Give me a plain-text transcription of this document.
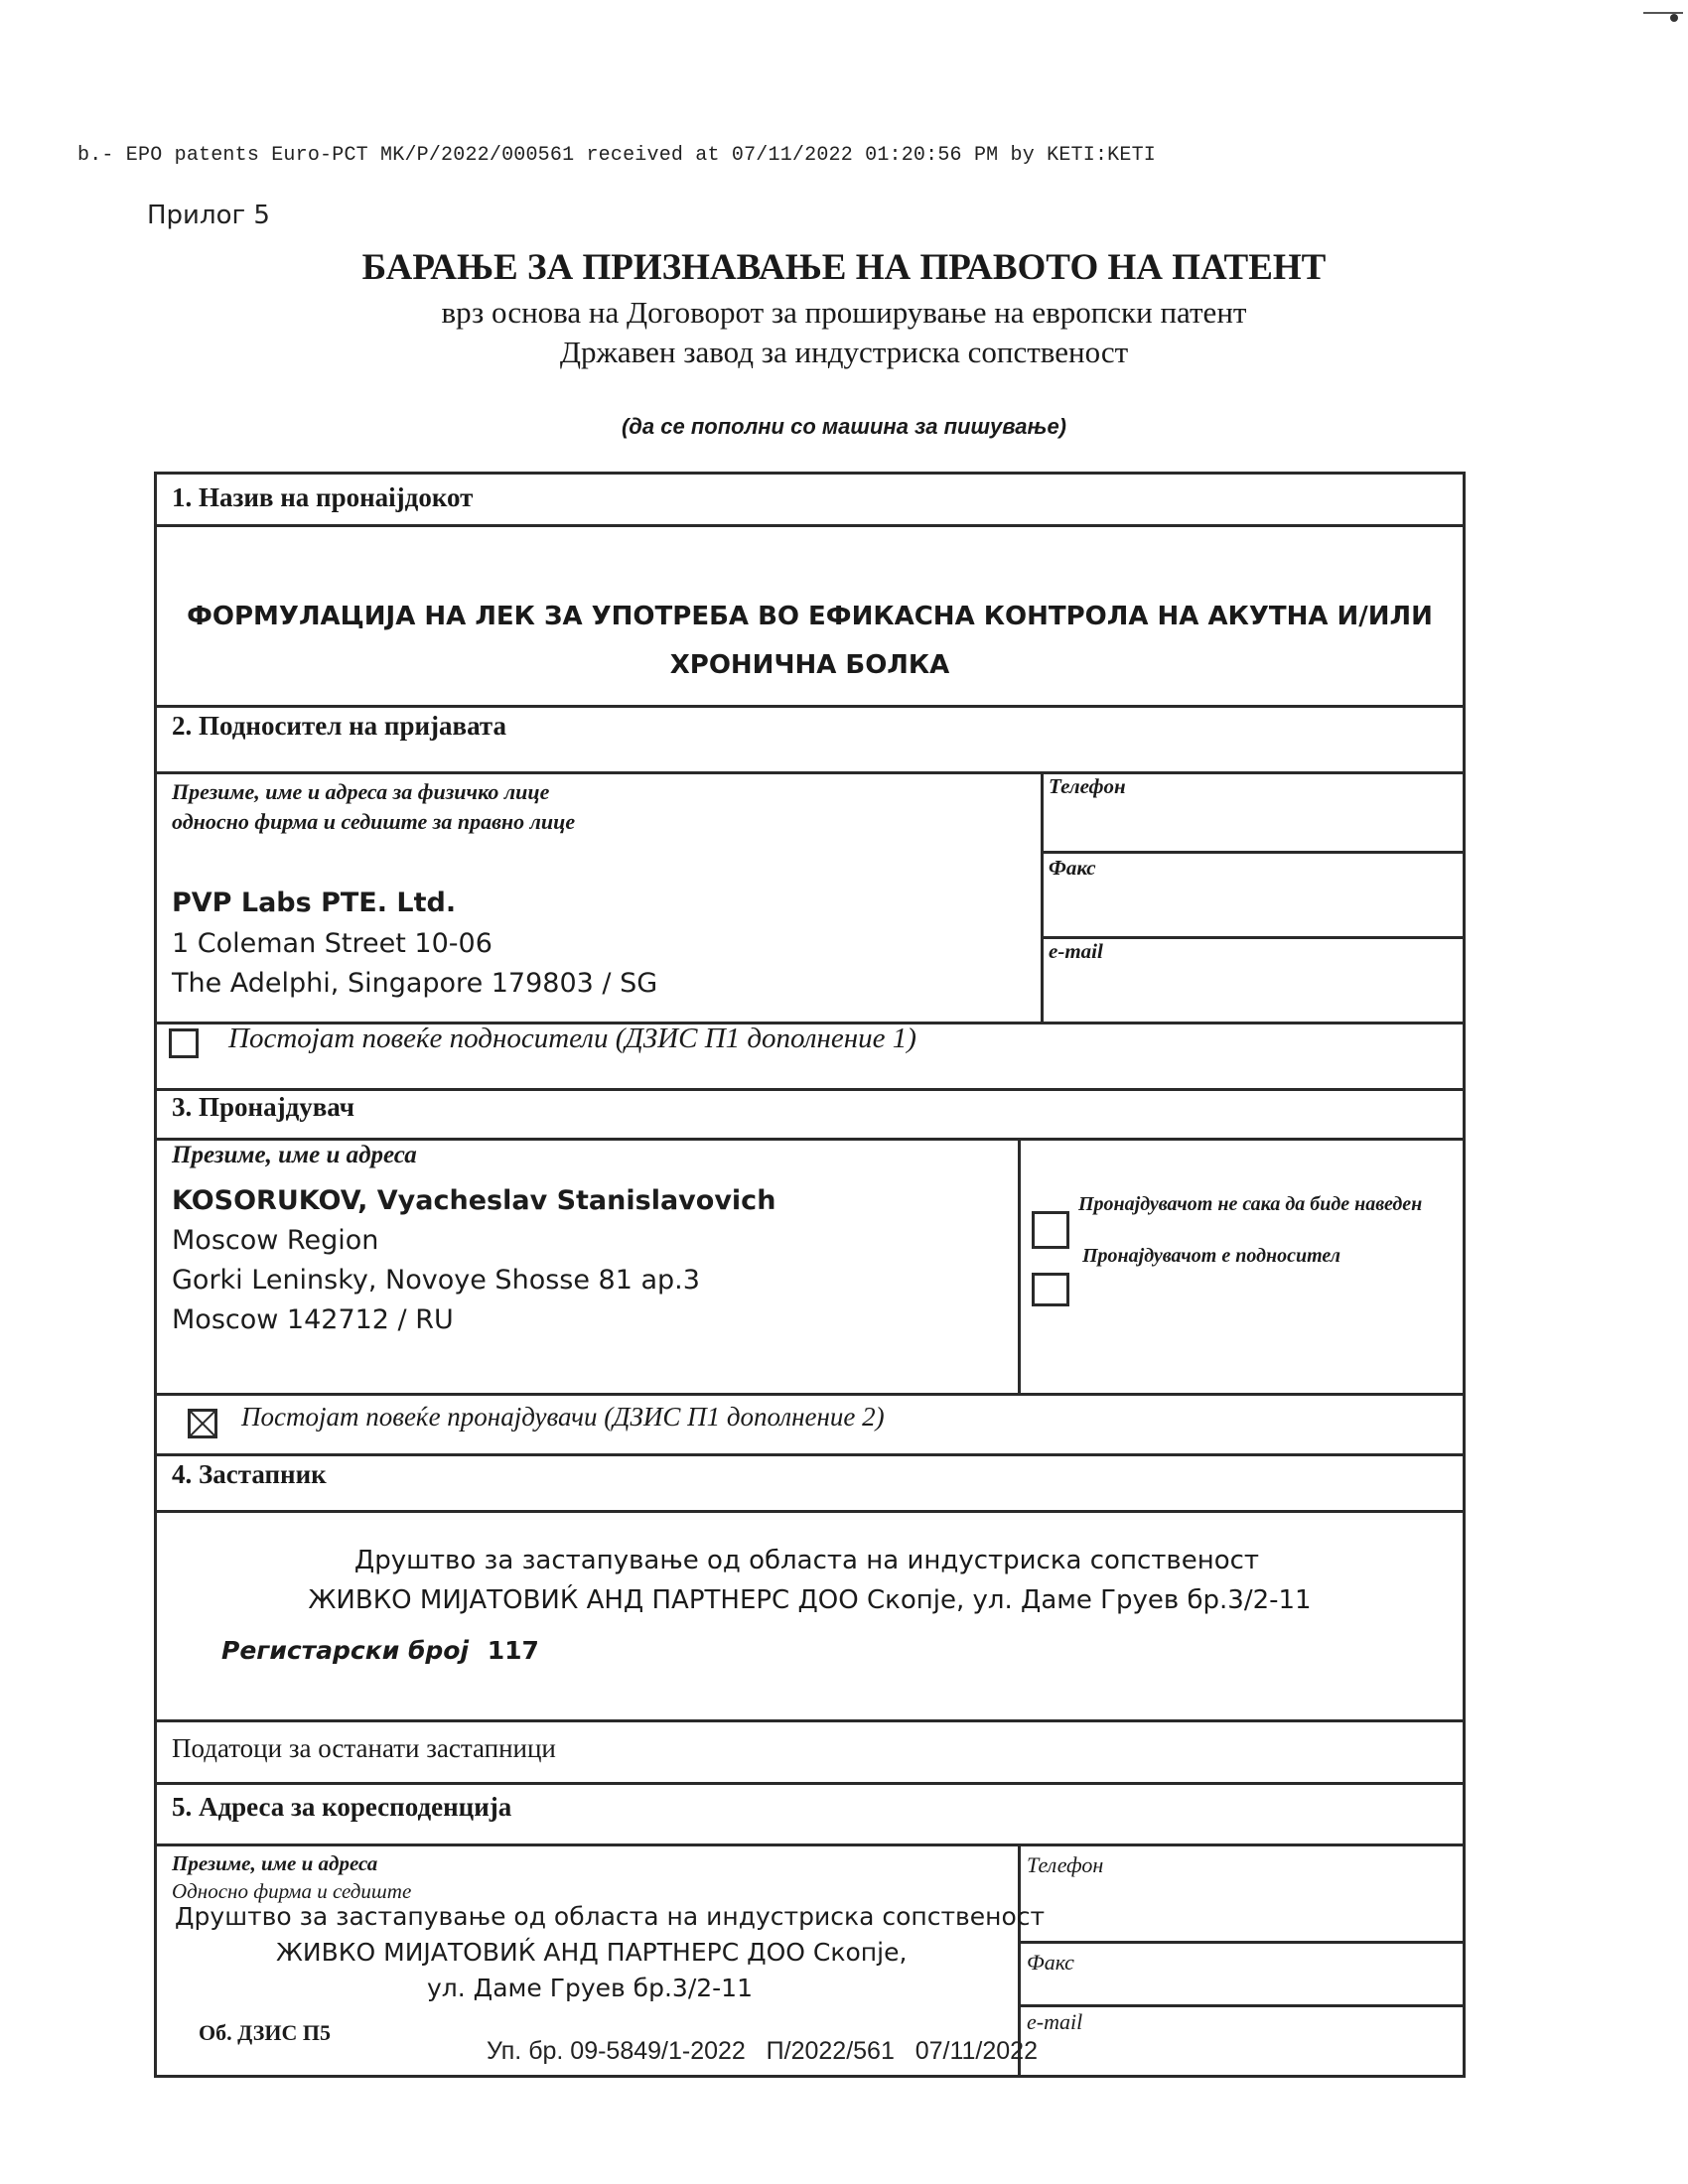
b.- EPO patents Euro-PCT MK/P/2022/000561 received at 07/11/2022 01:20:56 PM by KETI:KETI
Прилог 5
БАРАЊЕ ЗА ПРИЗНАВАЊЕ НА ПРАВОТО НА ПАТЕНТ
врз основа на Договорот за проширување на европски патент
Државен завод за индустриска сопственост
(да се пополни со машина за пишување)
1. Назив на пронаіјдокот
ФОРМУЛАЦИЈА НА ЛЕК ЗА УПОТРЕБА ВО ЕФИКАСНА КОНТРОЛА НА АКУТНА И/ИЛИ
ХРОНИЧНА БОЛКА
2. Подносител на пријавата
Презиме, име и адреса за физичко лице
односно фирма и седиште за правно лице
PVP Labs PTE. Ltd.
1 Coleman Street 10-06
The Adelphi, Singapore 179803 / SG
Телефон
Факс
e-mail
Постојат повеќе подносители (ДЗИС П1 дополнение 1)
3. Пронајдувач
Презиме, име и адреса
KOSORUKOV, Vyacheslav Stanislavovich
Moscow Region
Gorki Leninsky, Novoye Shosse 81 ap.3
Moscow 142712 / RU
Пронајдувачот не сака да биде наведен
Пронајдувачот е подносител
Постојат повеќе пронајдувачи (ДЗИС П1 дополнение 2)
4. Застапник
Друштво за застапување од областа на индустриска сопственост
ЖИВКО МИЈАТОВИЌ АНД ПАРТНЕРС ДОО Скопје, ул. Даме Груев бр.3/2-11
Регистарски број 117
Податоци за останати застапници
5. Адреса за коресподенција
Презиме, име и адреса
Односно фирма и седиште
Друштво за застапување од областа на индустриска сопственост
ЖИВКО МИЈАТОВИЌ АНД ПАРТНЕРС ДОО Скопје,
ул. Даме Груев бр.3/2-11
Телефон
Факс
e-mail
Об. ДЗИС П5
Уп. бр. 09-5849/1-2022   П/2022/561   07/11/2022
